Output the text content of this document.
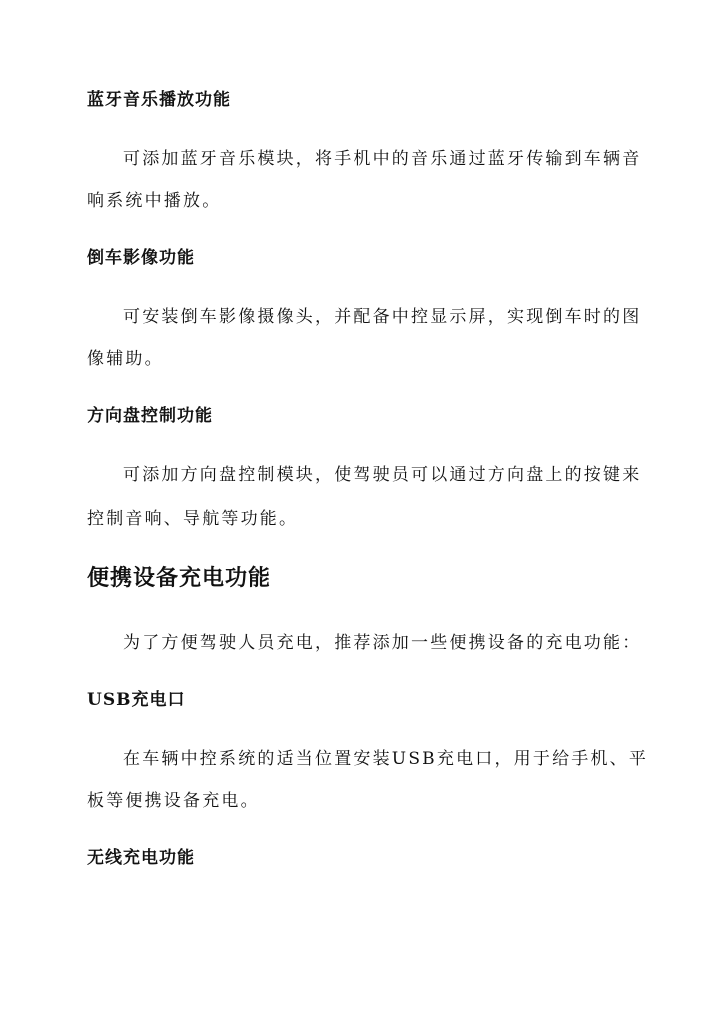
蓝牙音乐播放功能
可添加蓝牙音乐模块，将手机中的音乐通过蓝牙传输到车辆音
响系统中播放。
倒车影像功能
可安装倒车影像摄像头，并配备中控显示屏，实现倒车时的图
像辅助。
方向盘控制功能
可添加方向盘控制模块，使驾驶员可以通过方向盘上的按键来
控制音响、导航等功能。
便携设备充电功能
为了方便驾驶人员充电，推荐添加一些便携设备的充电功能：
USB充电口
在车辆中控系统的适当位置安装USB充电口，用于给手机、平
板等便携设备充电。
无线充电功能
